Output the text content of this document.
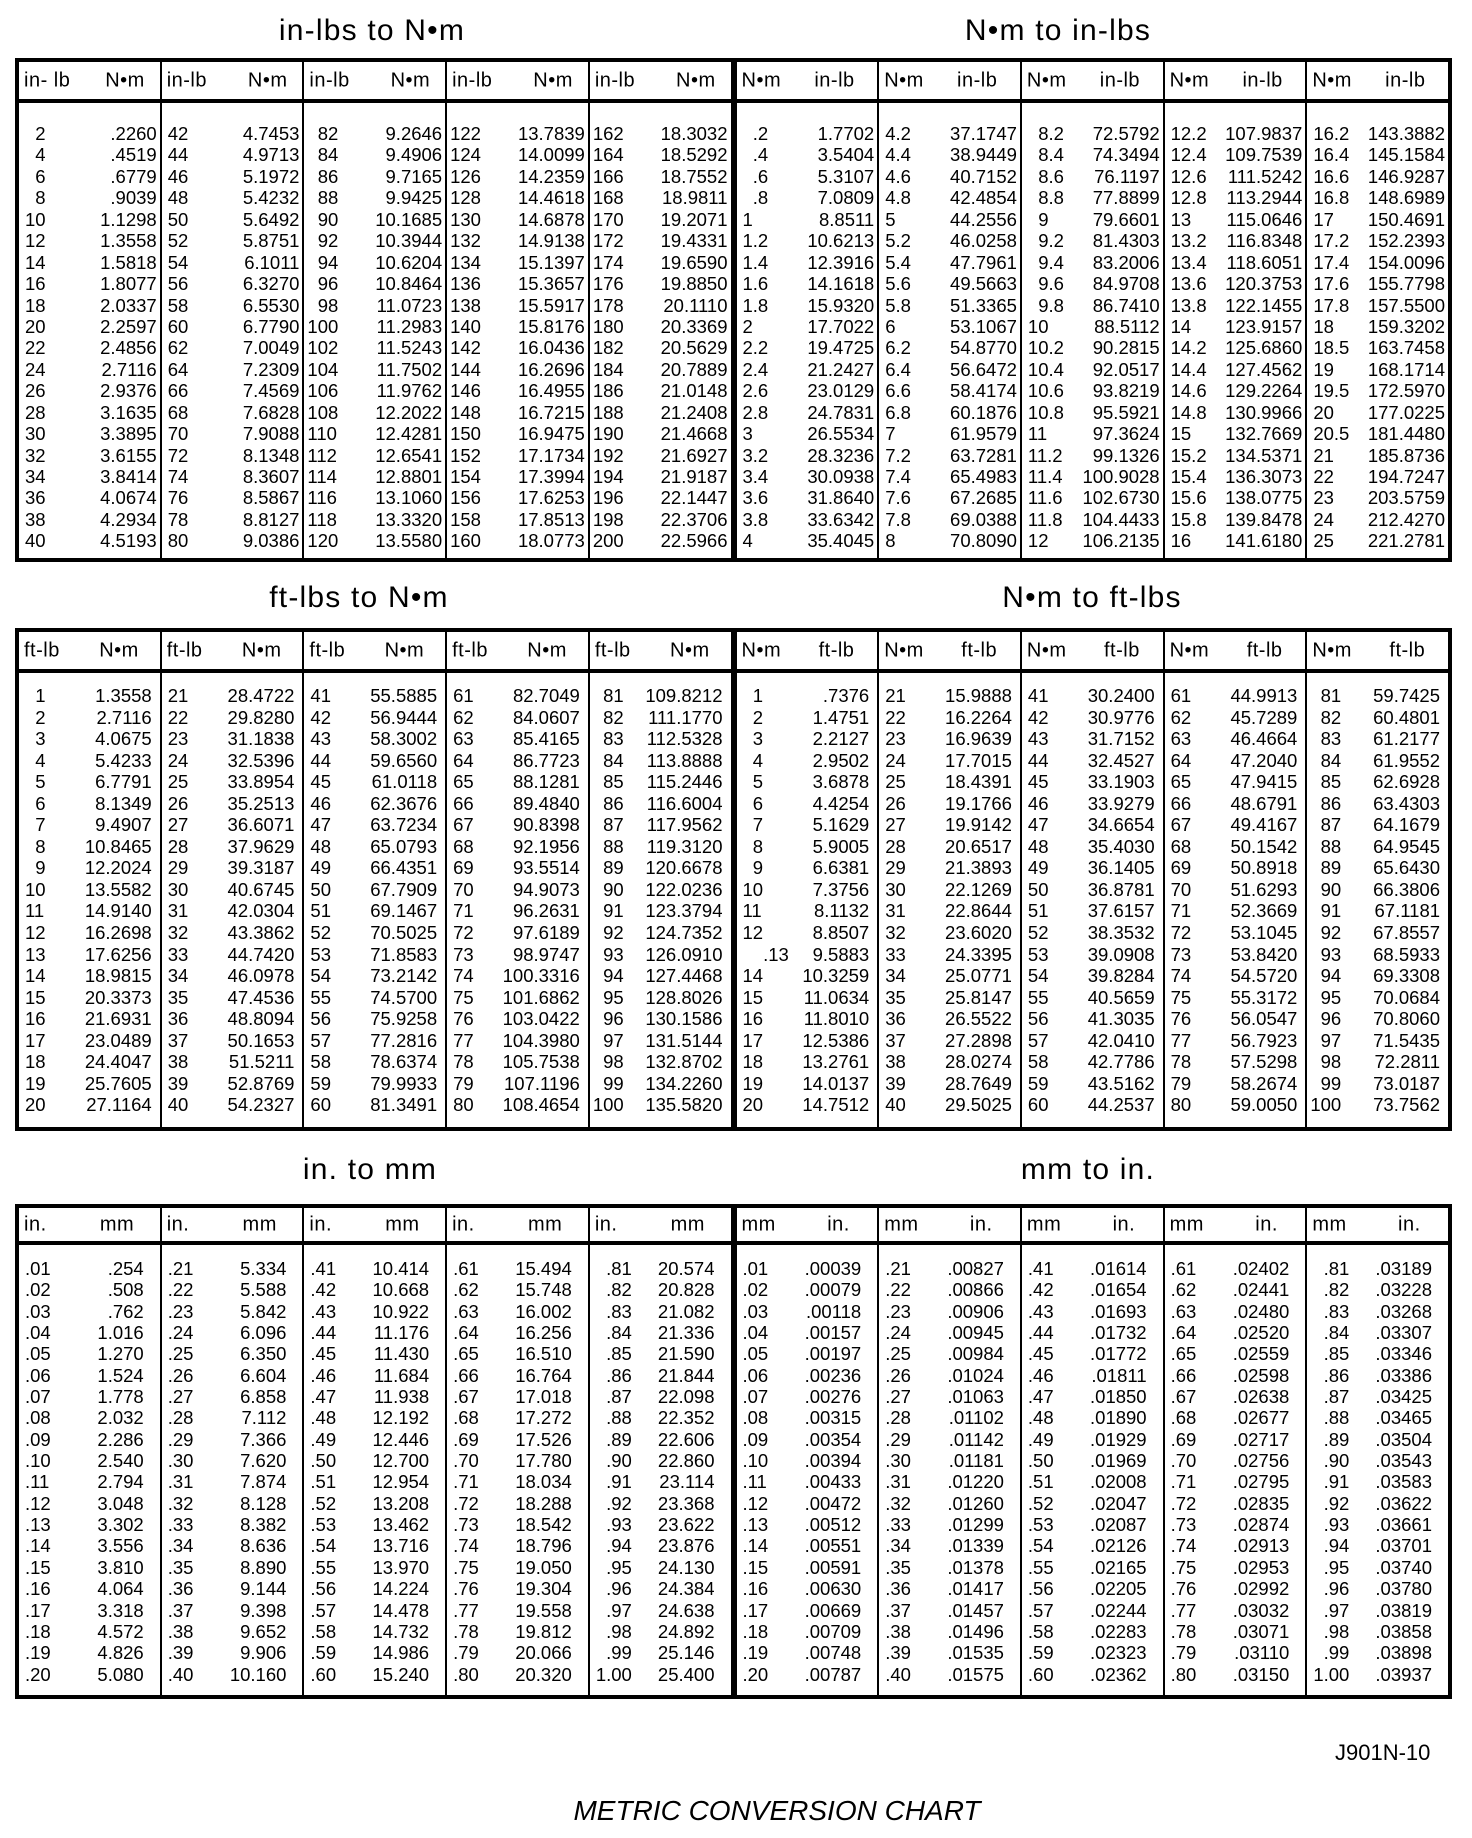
in-lbs to N•m	N•m to in-lbs
in- lb N•m
2	.2260
4	.4519
6	.6779
8	.9039
10	1.1298
12	1.3558
14	1.5818
16	1.8077
18	2.0337
20	2.2597
22	2.4856
24	2.7116
26	2.9376
28	3.1635
30	3.3895
32	3.6155
34	3.8414
36	4.0674
38	4.2934
40	4.5193
in-lb N•m
42	4.7453
44	4.9713
46	5.1972
48	5.4232
50	5.6492
52	5.8751
54	6.1011
56	6.3270
58	6.5530
60	6.7790
62	7.0049
64	7.2309
66	7.4569
68	7.6828
70	7.9088
72	8.1348
74	8.3607
76	8.5867
78	8.8127
80	9.0386
in-lb N•m
82	9.2646
84	9.4906
86	9.7165
88	9.9425
90	10.1685
92	10.3944
94	10.6204
96	10.8464
98	11.0723
100	11.2983
102	11.5243
104	11.7502
106	11.9762
108	12.2022
110	12.4281
112	12.6541
114	12.8801
116	13.1060
118	13.3320
120	13.5580
in-lb N•m
122	13.7839
124	14.0099
126	14.2359
128	14.4618
130	14.6878
132	14.9138
134	15.1397
136	15.3657
138	15.5917
140	15.8176
142	16.0436
144	16.2696
146	16.4955
148	16.7215
150	16.9475
152	17.1734
154	17.3994
156	17.6253
158	17.8513
160	18.0773
in-lb N•m
162	18.3032
164	18.5292
166	18.7552
168	18.9811
170	19.2071
172	19.4331
174	19.6590
176	19.8850
178	20.1110
180	20.3369
182	20.5629
184	20.7889
186	21.0148
188	21.2408
190	21.4668
192	21.6927
194	21.9187
196	22.1447
198	22.3706
200	22.5966
N•m in-lb
.2	1.7702
.4	3.5404
.6	5.3107
.8	7.0809
1	8.8511
1.2	10.6213
1.4	12.3916
1.6	14.1618
1.8	15.9320
2	17.7022
2.2	19.4725
2.4	21.2427
2.6	23.0129
2.8	24.7831
3	26.5534
3.2	28.3236
3.4	30.0938
3.6	31.8640
3.8	33.6342
4	35.4045
N•m in-lb
4.2	37.1747
4.4	38.9449
4.6	40.7152
4.8	42.4854
5	44.2556
5.2	46.0258
5.4	47.7961
5.6	49.5663
5.8	51.3365
6	53.1067
6.2	54.8770
6.4	56.6472
6.6	58.4174
6.8	60.1876
7	61.9579
7.2	63.7281
7.4	65.4983
7.6	67.2685
7.8	69.0388
8	70.8090
N•m in-lb
8.2	72.5792
8.4	74.3494
8.6	76.1197
8.8	77.8899
9	79.6601
9.2	81.4303
9.4	83.2006
9.6	84.9708
9.8	86.7410
10	88.5112
10.2	90.2815
10.4	92.0517
10.6	93.8219
10.8	95.5921
11	97.3624
11.2	99.1326
11.4	100.9028
11.6	102.6730
11.8	104.4433
12	106.2135
N•m in-lb
12.2	107.9837
12.4	109.7539
12.6	111.5242
12.8	113.2944
13	115.0646
13.2	116.8348
13.4	118.6051
13.6	120.3753
13.8	122.1455
14	123.9157
14.2	125.6860
14.4	127.4562
14.6	129.2264
14.8	130.9966
15	132.7669
15.2	134.5371
15.4	136.3073
15.6	138.0775
15.8	139.8478
16	141.6180
N•m in-lb
16.2	143.3882
16.4	145.1584
16.6	146.9287
16.8	148.6989
17	150.4691
17.2	152.2393
17.4	154.0096
17.6	155.7798
17.8	157.5500
18	159.3202
18.5	163.7458
19	168.1714
19.5	172.5970
20	177.0225
20.5	181.4480
21	185.8736
22	194.7247
23	203.5759
24	212.4270
25	221.2781
ft-lbs to N•m	N•m to ft-lbs
ft-lb N•m
1	1.3558
2	2.7116
3	4.0675
4	5.4233
5	6.7791
6	8.1349
7	9.4907
8	10.8465
9	12.2024
10	13.5582
11	14.9140
12	16.2698
13	17.6256
14	18.9815
15	20.3373
16	21.6931
17	23.0489
18	24.4047
19	25.7605
20	27.1164
ft-lb N•m
21	28.4722
22	29.8280
23	31.1838
24	32.5396
25	33.8954
26	35.2513
27	36.6071
28	37.9629
29	39.3187
30	40.6745
31	42.0304
32	43.3862
33	44.7420
34	46.0978
35	47.4536
36	48.8094
37	50.1653
38	51.5211
39	52.8769
40	54.2327
ft-lb N•m
41	55.5885
42	56.9444
43	58.3002
44	59.6560
45	61.0118
46	62.3676
47	63.7234
48	65.0793
49	66.4351
50	67.7909
51	69.1467
52	70.5025
53	71.8583
54	73.2142
55	74.5700
56	75.9258
57	77.2816
58	78.6374
59	79.9933
60	81.3491
ft-lb N•m
61	82.7049
62	84.0607
63	85.4165
64	86.7723
65	88.1281
66	89.4840
67	90.8398
68	92.1956
69	93.5514
70	94.9073
71	96.2631
72	97.6189
73	98.9747
74	100.3316
75	101.6862
76	103.0422
77	104.3980
78	105.7538
79	107.1196
80	108.4654
ft-lb N•m
81	109.8212
82	111.1770
83	112.5328
84	113.8888
85	115.2446
86	116.6004
87	117.9562
88	119.3120
89	120.6678
90	122.0236
91	123.3794
92	124.7352
93	126.0910
94	127.4468
95	128.8026
96	130.1586
97	131.5144
98	132.8702
99	134.2260
100	135.5820
N•m ft-lb
1	.7376
2	1.4751
3	2.2127
4	2.9502
5	3.6878
6	4.4254
7	5.1629
8	5.9005
9	6.6381
10	7.3756
11	8.1132
12	8.8507
.13	9.5883
14	10.3259
15	11.0634
16	11.8010
17	12.5386
18	13.2761
19	14.0137
20	14.7512
N•m ft-lb
21	15.9888
22	16.2264
23	16.9639
24	17.7015
25	18.4391
26	19.1766
27	19.9142
28	20.6517
29	21.3893
30	22.1269
31	22.8644
32	23.6020
33	24.3395
34	25.0771
35	25.8147
36	26.5522
37	27.2898
38	28.0274
39	28.7649
40	29.5025
N•m ft-lb
41	30.2400
42	30.9776
43	31.7152
44	32.4527
45	33.1903
46	33.9279
47	34.6654
48	35.4030
49	36.1405
50	36.8781
51	37.6157
52	38.3532
53	39.0908
54	39.8284
55	40.5659
56	41.3035
57	42.0410
58	42.7786
59	43.5162
60	44.2537
N•m ft-lb
61	44.9913
62	45.7289
63	46.4664
64	47.2040
65	47.9415
66	48.6791
67	49.4167
68	50.1542
69	50.8918
70	51.6293
71	52.3669
72	53.1045
73	53.8420
74	54.5720
75	55.3172
76	56.0547
77	56.7923
78	57.5298
79	58.2674
80	59.0050
N•m ft-lb
81	59.7425
82	60.4801
83	61.2177
84	61.9552
85	62.6928
86	63.4303
87	64.1679
88	64.9545
89	65.6430
90	66.3806
91	67.1181
92	67.8557
93	68.5933
94	69.3308
95	70.0684
96	70.8060
97	71.5435
98	72.2811
99	73.0187
100	73.7562
in. to mm	mm to in.
in.	mm
.01	.254
.02	.508
.03	.762
.04	1.016
.05	1.270
.06	1.524
.07	1.778
.08	2.032
.09	2.286
.10	2.540
.11	2.794
.12	3.048
.13	3.302
.14	3.556
.15	3.810
.16	4.064
.17	3.318
.18	4.572
.19	4.826
.20	5.080
in.	mm
.21	5.334
.22	5.588
.23	5.842
.24	6.096
.25	6.350
.26	6.604
.27	6.858
.28	7.112
.29	7.366
.30	7.620
.31	7.874
.32	8.128
.33	8.382
.34	8.636
.35	8.890
.36	9.144
.37	9.398
.38	9.652
.39	9.906
.40	10.160
in.	mm
.41	10.414
.42	10.668
.43	10.922
.44	11.176
.45	11.430
.46	11.684
.47	11.938
.48	12.192
.49	12.446
.50	12.700
.51	12.954
.52	13.208
.53	13.462
.54	13.716
.55	13.970
.56	14.224
.57	14.478
.58	14.732
.59	14.986
.60	15.240
in.	mm
.61	15.494
.62	15.748
.63	16.002
.64	16.256
.65	16.510
.66	16.764
.67	17.018
.68	17.272
.69	17.526
.70	17.780
.71	18.034
.72	18.288
.73	18.542
.74	18.796
.75	19.050
.76	19.304
.77	19.558
.78	19.812
.79	20.066
.80	20.320
in.	mm
.81	20.574
.82	20.828
.83	21.082
.84	21.336
.85	21.590
.86	21.844
.87	22.098
.88	22.352
.89	22.606
.90	22.860
.91	23.114
.92	23.368
.93	23.622
.94	23.876
.95	24.130
.96	24.384
.97	24.638
.98	24.892
.99	25.146
1.00	25.400
mm	in.
.01	.00039
.02	.00079
.03	.00118
.04	.00157
.05	.00197
.06	.00236
.07	.00276
.08	.00315
.09	.00354
.10	.00394
.11	.00433
.12	.00472
.13	.00512
.14	.00551
.15	.00591
.16	.00630
.17	.00669
.18	.00709
.19	.00748
.20	.00787
mm	in.
.21	.00827
.22	.00866
.23	.00906
.24	.00945
.25	.00984
.26	.01024
.27	.01063
.28	.01102
.29	.01142
.30	.01181
.31	.01220
.32	.01260
.33	.01299
.34	.01339
.35	.01378
.36	.01417
.37	.01457
.38	.01496
.39	.01535
.40	.01575
mm	in.
.41	.01614
.42	.01654
.43	.01693
.44	.01732
.45	.01772
.46	.01811
.47	.01850
.48	.01890
.49	.01929
.50	.01969
.51	.02008
.52	.02047
.53	.02087
.54	.02126
.55	.02165
.56	.02205
.57	.02244
.58	.02283
.59	.02323
.60	.02362
mm	in.
.61	.02402
.62	.02441
.63	.02480
.64	.02520
.65	.02559
.66	.02598
.67	.02638
.68	.02677
.69	.02717
.70	.02756
.71	.02795
.72	.02835
.73	.02874
.74	.02913
.75	.02953
.76	.02992
.77	.03032
.78	.03071
.79	.03110
.80	.03150
mm	in.
.81	.03189
.82	.03228
.83	.03268
.84	.03307
.85	.03346
.86	.03386
.87	.03425
.88	.03465
.89	.03504
.90	.03543
.91	.03583
.92	.03622
.93	.03661
.94	.03701
.95	.03740
.96	.03780
.97	.03819
.98	.03858
.99	.03898
1.00	.03937
J901N-10
METRIC CONVERSION CHART
